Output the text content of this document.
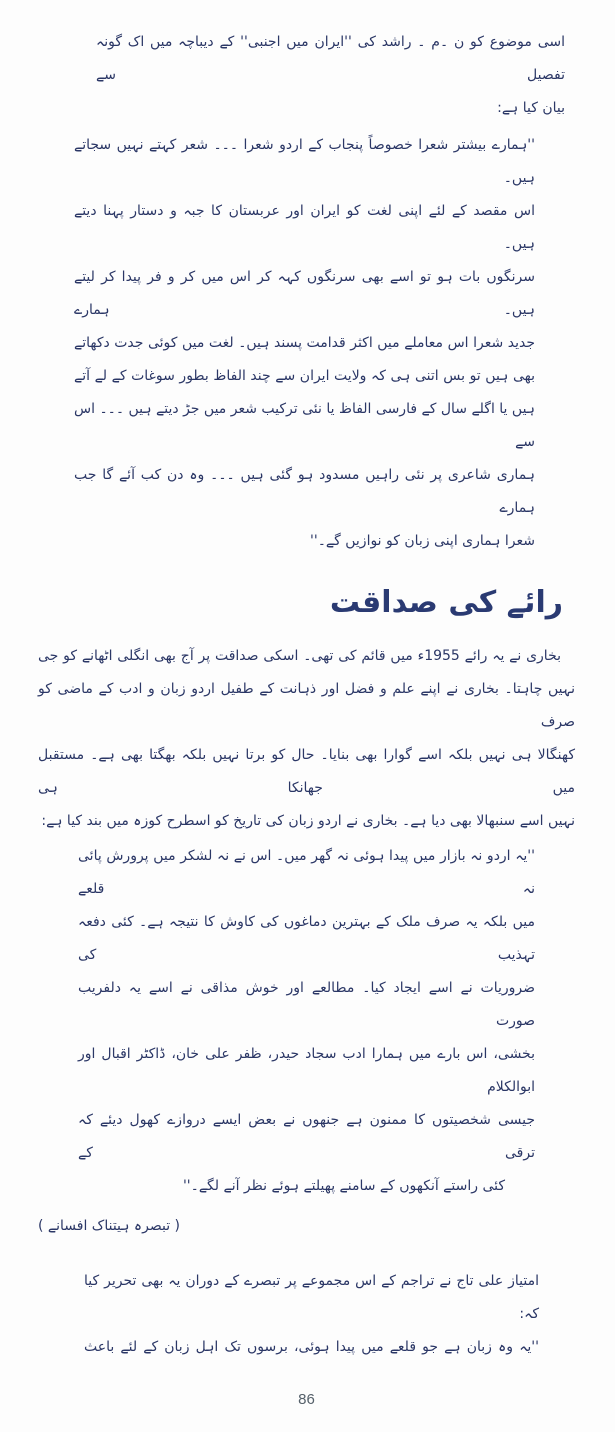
اسی موضوع کو ن ۔م ۔ راشد کی ''ایران میں اجنبی'' کے دیباچہ میں اک گونہ تفصیل سے
بیان کیا ہے:
''ہمارے بیشتر شعرا خصوصاً پنجاب کے اردو شعرا ۔۔۔ شعر کہتے نہیں سجاتے ہیں۔
اس مقصد کے لئے اپنی لغت کو ایران اور عربستان کا جبہ و دستار پہنا دیتے ہیں۔
سرنگوں بات ہو تو اسے بھی سرنگوں کہہ کر اس میں کر و فر پیدا کر لیتے ہیں۔ ہمارے
جدید شعرا اس معاملے میں اکثر قدامت پسند ہیں۔ لغت میں کوئی جدت دکھاتے
بھی ہیں تو بس اتنی ہی کہ ولایت ایران سے چند الفاظ بطور سوغات کے لے آتے
ہیں یا اگلے سال کے فارسی الفاظ یا نئی ترکیب شعر میں جڑ دیتے ہیں ۔۔۔ اس سے
ہماری شاعری پر نئی راہیں مسدود ہو گئی ہیں ۔۔۔ وہ دن کب آئے گا جب ہمارے
شعرا ہماری اپنی زبان کو نوازیں گے۔''
رائے کی صداقت
بخاری نے یہ رائے 1955ء میں قائم کی تھی۔ اسکی صداقت پر آج بھی انگلی اٹھانے کو جی
نہیں چاہتا۔ بخاری نے اپنے علم و فضل اور ذہانت کے طفیل اردو زبان و ادب کے ماضی کو صرف
کھنگالا ہی نہیں بلکہ اسے گوارا بھی بنایا۔ حال کو برتا نہیں بلکہ بھگتا بھی ہے۔ مستقبل میں جھانکا ہی
نہیں اسے سنبھالا بھی دیا ہے۔ بخاری نے اردو زبان کی تاریخ کو اسطرح کوزہ میں بند کیا ہے:
''یہ اردو نہ بازار میں پیدا ہوئی نہ گھر میں۔ اس نے نہ لشکر میں پرورش پائی نہ قلعے
میں بلکہ یہ صرف ملک کے بہترین دماغوں کی کاوش کا نتیجہ ہے۔ کئی دفعہ تہذیب کی
ضروریات نے اسے ایجاد کیا۔ مطالعے اور خوش مذاقی نے اسے یہ دلفریب صورت
بخشی، اس بارے میں ہمارا ادب سجاد حیدر، ظفر علی خان، ڈاکٹر اقبال اور ابوالکلام
جیسی شخصیتوں کا ممنون ہے جنھوں نے بعض ایسے دروازے کھول دیئے کہ ترقی کے
کئی راستے آنکھوں کے سامنے پھیلتے ہوئے نظر آنے لگے۔''
( تبصرہ ہیتناک افسانے )
امتیاز علی تاج نے تراجم کے اس مجموعے پر تبصرے کے دوران یہ بھی تحریر کیا کہ:
''یہ وہ زبان ہے جو قلعے میں پیدا ہوئی، برسوں تک اہل زبان کے لئے باعث
86
